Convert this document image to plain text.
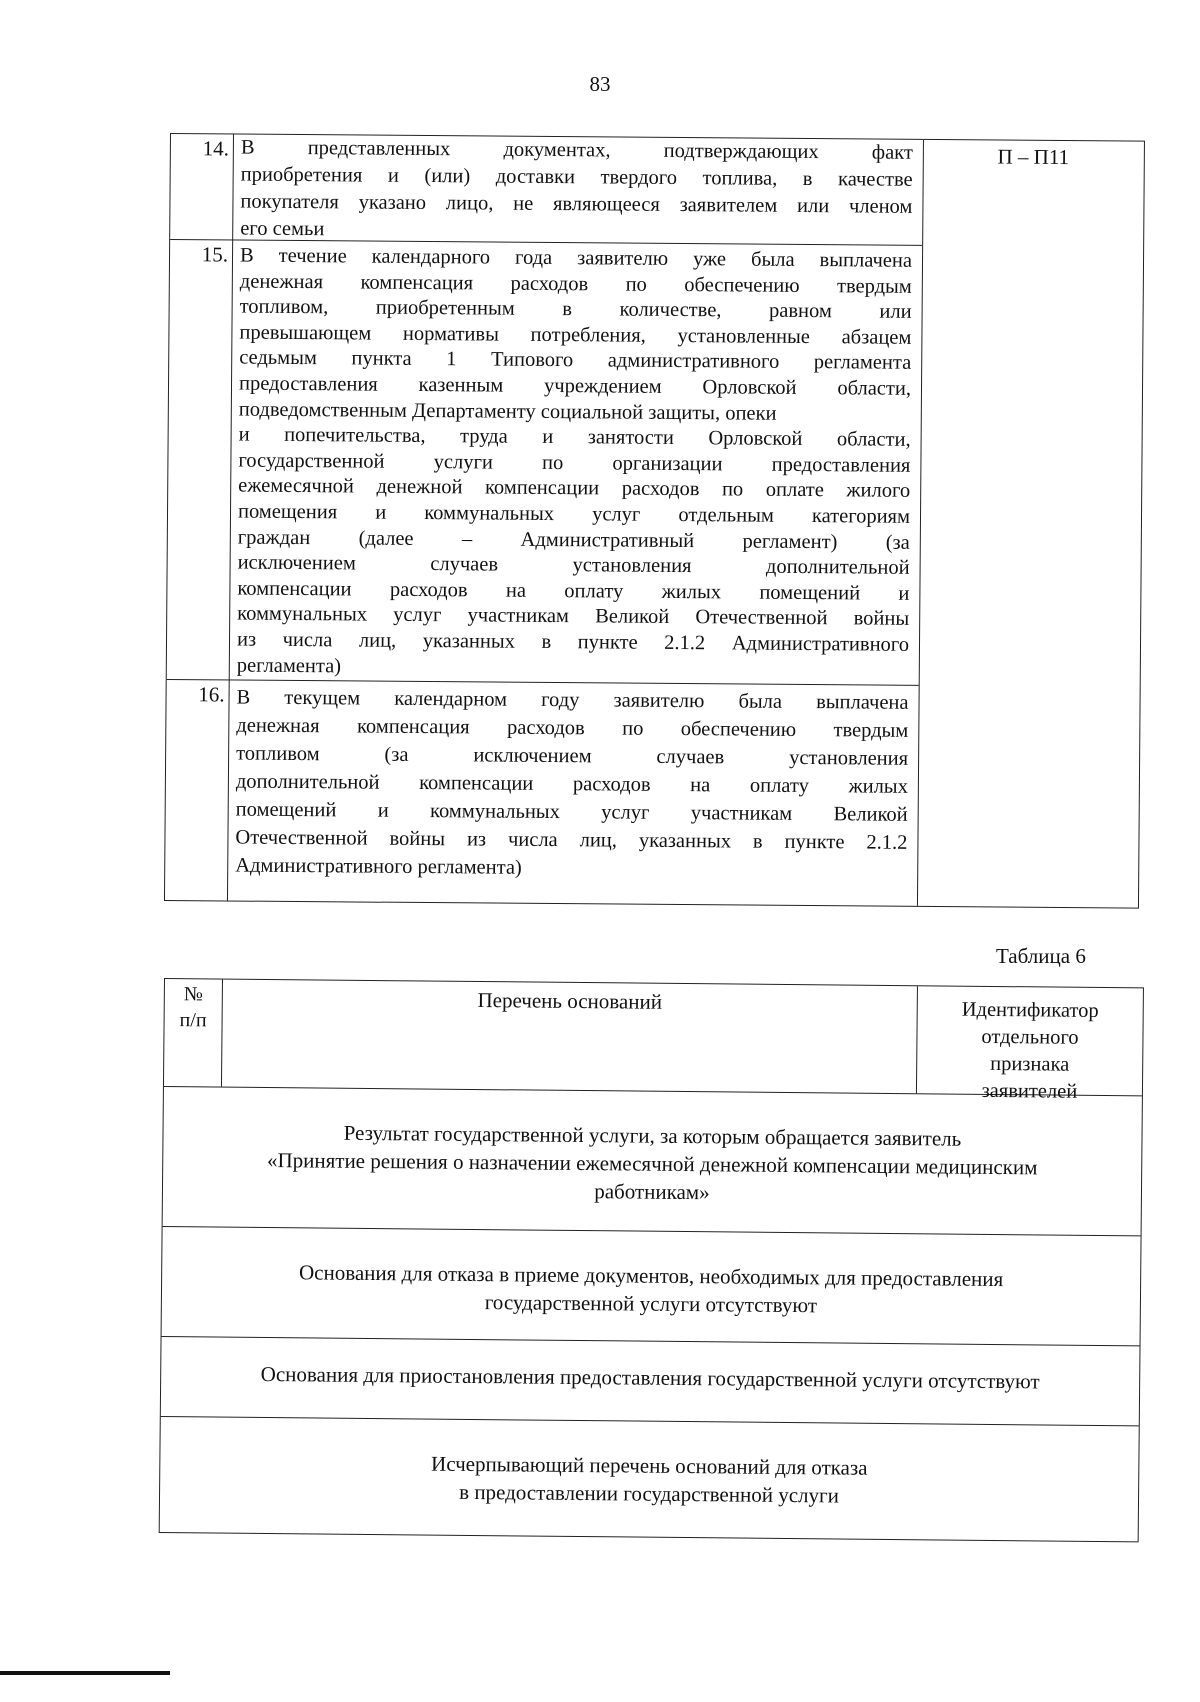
83
14. В представленных документах, подтверждающих факт
приобретения и (или) доставки твердого топлива, в качестве
покупателя указано лицо, не являющееся заявителем или членом
его семьи
15. В течение календарного года заявителю уже была выплачена
денежная компенсация расходов по обеспечению твердым
топливом, приобретенным в количестве, равном или
превышающем нормативы потребления, установленные абзацем
седьмым пункта 1 Типового административного регламента
предоставления казенным учреждением Орловской области,
подведомственным Департаменту социальной защиты, опеки
и попечительства, труда и занятости Орловской области,
государственной услуги по организации предоставления
ежемесячной денежной компенсации расходов по оплате жилого
помещения и коммунальных услуг отдельным категориям
граждан (далее – Административный регламент) (за
исключением случаев установления дополнительной
компенсации расходов на оплату жилых помещений и
коммунальных услуг участникам Великой Отечественной войны
из числа лиц, указанных в пункте 2.1.2 Административного
регламента)
16. В текущем календарном году заявителю была выплачена
денежная компенсация расходов по обеспечению твердым
топливом (за исключением случаев установления
дополнительной компенсации расходов на оплату жилых
помещений и коммунальных услуг участникам Великой
Отечественной войны из числа лиц, указанных в пункте 2.1.2
Административного регламента)
П – П11
Таблица 6
№
п/п
Перечень оснований	Идентификатор
отдельного
признака
заявителей
Результат государственной услуги, за которым обращается заявитель
«Принятие решения о назначении ежемесячной денежной компенсации медицинским
работникам»
Основания для отказа в приеме документов, необходимых для предоставления
государственной услуги отсутствуют
Основания для приостановления предоставления государственной услуги отсутствуют
Исчерпывающий перечень оснований для отказа
в предоставлении государственной услуги
